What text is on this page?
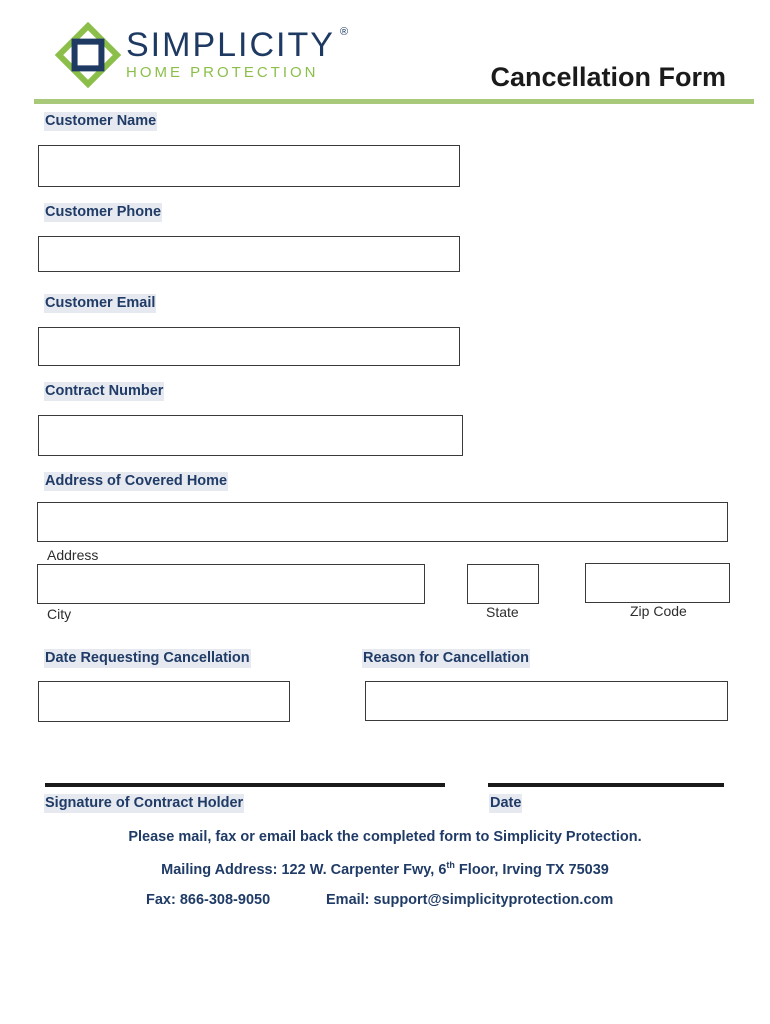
SIMPLICITY ®
HOME PROTECTION	Cancellation Form
Customer Name
Customer Phone
Customer Email
Contract Number
Address of Covered Home
Address
City	State	Zip Code
Date Requesting Cancellation	Reason for Cancellation
Signature of Contract Holder	Date
Please mail, fax or email back the completed form to Simplicity Protection.
Mailing Address: 122 W. Carpenter Fwy, 6th Floor, Irving TX 75039
Fax: 866-308-9050	Email: support@simplicityprotection.com
